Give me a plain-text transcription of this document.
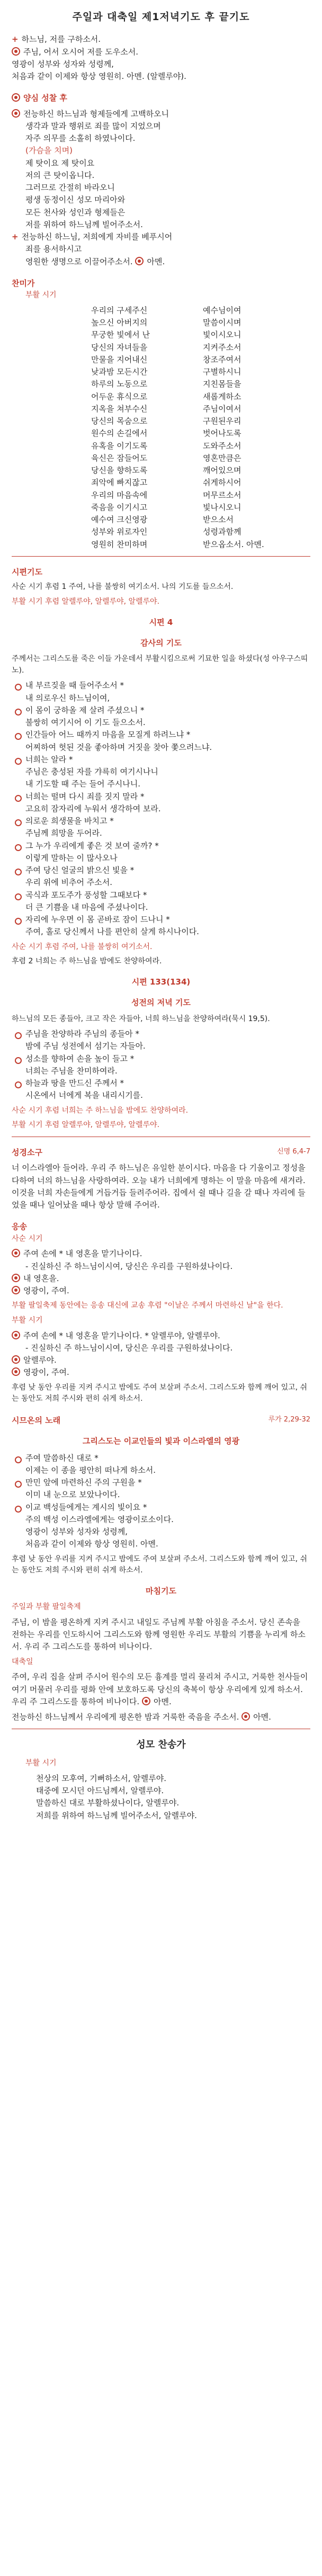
주일과 대축일 제1저녁기도 후 끝기도
+ 하느님, 저를 구하소서.
주님, 어서 오시어 저를 도우소서.
영광이 성부와 성자와 성령께,
처음과 같이 이제와 항상 영원히. 아멘. (알렐루야).
양심 성찰 후
전능하신 하느님과 형제들에게 고백하오니
생각과 말과 행위로 죄를 많이 지었으며
자주 의무를 소홀히 하였나이다.
(가슴을 치며)
제 탓이요 제 탓이요
저의 큰 탓이옵니다.
그러므로 간절히 바라오니
평생 동정이신 성모 마리아와
모든 천사와 성인과 형제들은
저를 위하여 하느님께 빌어주소서.
+ 전능하신 하느님, 저희에게 자비를 베푸시어
죄를 용서하시고
영원한 생명으로 이끌어주소서. 아멘.
찬미가
부활 시기
우리의 구세주신	예수님이여
높으신 아버지의	말씀이시며
무궁한 빛에서 난	빛이시오니
당신의 자녀들을	지켜주소서
만물을 지어내신	창조주여서
낮과밤 모든시간	구별하시니
하루의 노동으로	지친몸들을
어두운 휴식으로	새롭게하소
지옥을 쳐부수신	주님이여서
당신의 목숨으로	구원된우리
원수의 손길에서	벗어나도록
유혹을 이기도록	도와주소서
육신은 잠들어도	영혼만큼은
당신을 향하도록	깨어있으며
죄악에 빠지잖고	쉬게하시어
우리의 마음속에	머무르소서
죽음을 이기시고	빛나시오니
예수여 크신영광	받으소서
성부와 위로자인	성령과함께
영원히 찬미하며	받으옵소서. 아멘.
시편기도
사순 시기 후렴 1 주여, 나를 불쌍히 여기소서. 나의 기도를 들으소서.
부활 시기 후렴 알렐루야, 알렐루야, 알렐루야.
시편 4
감사의 기도
주께서는 그리스도를 죽은 이들 가운데서 부활시킴으로써 기묘한 일을 하셨다(성 아우구스띠노).
내 부르짖을 때 들어주소서 *
내 의로우신 하느님이여,
이 몸이 궁하올 제 살려 주셨으니 *
불쌍히 여기시어 이 기도 들으소서.
인간들아 어느 때까지 마음을 모질게 하려느냐 *
어찌하여 헛된 것을 좋아하며 거짓을 찾아 쫓으려느냐.
너희는 알라 *
주님은 충성된 자를 갸륵히 여기시나니
내 기도할 때 주는 들어 주시나니.
너희는 떨며 다시 죄를 짓지 말라 *
고요히 잠자리에 누워서 생각하여 보라.
의로운 희생물을 바치고 *
주님께 희망을 두어라.
그 누가 우리에게 좋은 것 보여 줄까? *
이렇게 말하는 이 많사오나
주여 당신 얼굴의 밝으신 빛을 *
우리 위에 비추어 주소서.
곡식과 포도주가 풍성할 그때보다 *
더 큰 기쁨을 내 마음에 주셨나이다.
자리에 누우면 이 몸 곧바로 잠이 드나니 *
주여, 홀로 당신께서 나를 편안히 살게 하시나이다.
사순 시기 후렴 주여, 나를 불쌍히 여기소서.
후렴 2 너희는 주 하느님을 밤에도 찬양하여라.
시편 133(134)
성전의 저녁 기도
하느님의 모든 종들아, 크고 작은 자들아, 너희 하느님을 찬양하여라(묵시 19,5).
주님을 찬양하라 주님의 종들아 *
밤에 주님 성전에서 섬기는 자들아.
성소를 향하여 손을 높이 들고 *
너희는 주님을 찬미하여라.
하늘과 땅을 만드신 주께서 *
시온에서 너에게 복을 내리시기를.
사순 시기 후렴 너희는 주 하느님을 밤에도 찬양하여라.
부활 시기 후렴 알렐루야, 알렐루야, 알렐루야.
성경소구	신명 6,4-7
너 이스라엘아 들어라. 우리 주 하느님은 유일한 분이시다. 마음을 다 기울이고 정성을 다하여 너의 하느님을 사랑하여라. 오늘 내가 너희에게 명하는 이 말을 마음에 새겨라. 이것을 너희 자손들에게 거듭거듭 들려주어라. 집에서 쉴 때나 길을 갈 때나 자리에 들었을 때나 일어났을 때나 항상 말해 주어라.
응송
사순 시기
주여 손에 * 내 영혼을 맡기나이다.
- 진실하신 주 하느님이시여, 당신은 우리를 구원하셨나이다.
내 영혼을.
영광이, 주여.
부활 팔일축제 동안에는 응송 대신에 교송 후렴 "이날은 주께서 마련하신 날"을 한다.
부활 시기
주여 손에 * 내 영혼을 맡기나이다. * 알렐루야, 알렐루야.
- 진실하신 주 하느님이시여, 당신은 우리를 구원하셨나이다.
알렐루야.
영광이, 주여.
후렴 낮 동안 우리를 지켜 주시고 밤에도 주여 보살펴 주소서. 그리스도와 함께 깨어 있고, 쉬는 동안도 저희 주시와 편히 쉬게 하소서.
시므온의 노래	루가 2,29-32
그리스도는 이교인들의 빛과 이스라엘의 영광
주여 말씀하신 대로 *
이제는 이 종을 평안히 떠나게 하소서.
만민 앞에 마련하신 주의 구원을 *
이미 내 눈으로 보았나이다.
이교 백성들에게는 계시의 빛이요 *
주의 백성 이스라엘에게는 영광이로소이다.
영광이 성부와 성자와 성령께,
처음과 같이 이제와 항상 영원히. 아멘.
후렴 낮 동안 우리를 지켜 주시고 밤에도 주여 보살펴 주소서. 그리스도와 함께 깨어 있고, 쉬는 동안도 저희 주시와 편히 쉬게 하소서.
마침기도
주일과 부활 팔일축제
주님, 이 밤을 평온하게 지켜 주시고 내일도 주님께 부활 아침을 주소서. 당신 존속을 전하는 우리를 인도하시어 그리스도와 함께 영원한 우리도 부활의 기쁨을 누리게 하소서. 우리 주 그리스도를 통하여 비나이다.
대축일
주여, 우리 집을 살펴 주시어 원수의 모든 흉계를 멀리 물리쳐 주시고, 거룩한 천사들이 여기 머물러 우리를 평화 안에 보호하도록 당신의 축복이 항상 우리에게 있게 하소서. 우리 주 그리스도를 통하여 비나이다. 아멘.
전능하신 하느님께서 우리에게 평온한 밤과 거룩한 죽음을 주소서. 아멘.
성모 찬송가
부활 시기
천상의 모후여, 기뻐하소서, 알렐루야.
태중에 모시던 아드님께서, 알렐루야.
말씀하신 대로 부활하셨나이다, 알렐루야.
저희를 위하여 하느님께 빌어주소서, 알렐루야.
